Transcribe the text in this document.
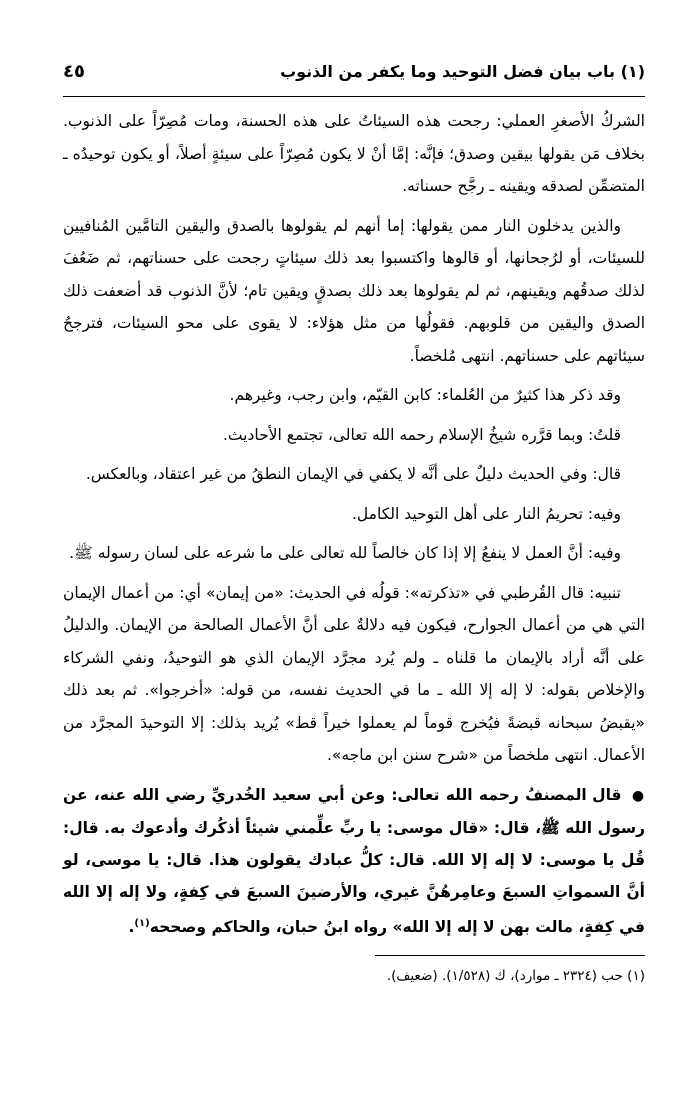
(١) باب بيان فضل التوحيد وما يكفر من الذنوب
٤٥

الشركُ الأصغرِ العملي: رجحت هذه السيئاتُ على هذه الحسنة، ومات مُصِرّاً على الذنوب. بخلاف مَن يقولها بيقين وصدق؛ فإنَّه: إمَّا أنْ لا يكون مُصِرّاً على سيئةٍ أصلاً، أو يكون توحيدُه ـ المتضمِّن لصدقه ويقينه ـ رجَّح حسناته.

والذين يدخلون النار ممن يقولها: إما أنهم لم يقولوها بالصدق واليقين التامَّين المُنافيين للسيئات، أو لرُجحانها، أو قالوها واكتسبوا بعد ذلك سيئاتٍ رجحت على حسناتهم، ثم ضَعُفَ لذلك صدقُهم ويقينهم، ثم لم يقولوها بعد ذلك بصدقٍ ويقين تام؛ لأنَّ الذنوب قد أضعفت ذلك الصدق واليقين من قلوبهم. فقولُها من مثل هؤلاء: لا يقوى على محو السيئات، فترجحُ سيئاتهم على حسناتهم. انتهى مُلخصاً.

وقد ذكر هذا كثيرٌ من العُلماء: كابن القيّم، وابن رجب، وغيرهم.

قلتُ: وبما قرَّره شيخُ الإسلام رحمه الله تعالى، تجتمع الأحاديث.

قال: وفي الحديث دليلٌ على أنَّه لا يكفي في الإيمان النطقُ من غير اعتقاد، وبالعكس.

وفيه: تحريمُ النار على أهل التوحيد الكامل.

وفيه: أنَّ العمل لا ينفعُ إلا إذا كان خالصاً لله تعالى على ما شرعه على لسان رسوله ﷺ.

تنبيه: قال القُرطبي في «تذكرته»: قولُه في الحديث: «من إيمان» أي: من أعمال الإيمان التي هي من أعمال الجوارح، فيكون فيه دلالةٌ على أنَّ الأعمال الصالحة من الإيمان. والدليلُ على أنَّه أراد بالإيمان ما قلناه ـ ولم يُرد مجرَّد الإيمان الذي هو التوحيدُ، ونفي الشركاء والإخلاص بقوله: لا إله إلا الله ـ ما في الحديث نفسه، من قوله: «أخرجوا». ثم بعد ذلك «يقبضُ سبحانه قبضةً فيُخرج قوماً لم يعملوا خيراً قط» يُريد بذلك: إلا التوحيدَ المجرَّد من الأعمال. انتهى ملخصاً من «شرح سنن ابن ماجه».

● قال المصنفُ رحمه الله تعالى: وعن أبي سعيد الخُدريِّ رضي الله عنه، عن رسول الله ﷺ، قال: «قال موسى: يا ربِّ علِّمني شيئاً أذكُرك وأدعوك به. قال: قُل يا موسى: لا إله إلا الله. قال: كلُّ عبادك يقولون هذا. قال: يا موسى، لو أنَّ السمواتِ السبعَ وعامِرهُنَّ غيري، والأرضينَ السبعَ في كِفةٍ، ولا إله إلا الله في كِفةٍ، مالت بهن لا إله إلا الله» رواه ابنُ حبان، والحاكم وصححه$^{(١)}$.

(١) حب (٢٣٢٤ ـ موارد)، ك (١/٥٢٨). (ضعيف).
